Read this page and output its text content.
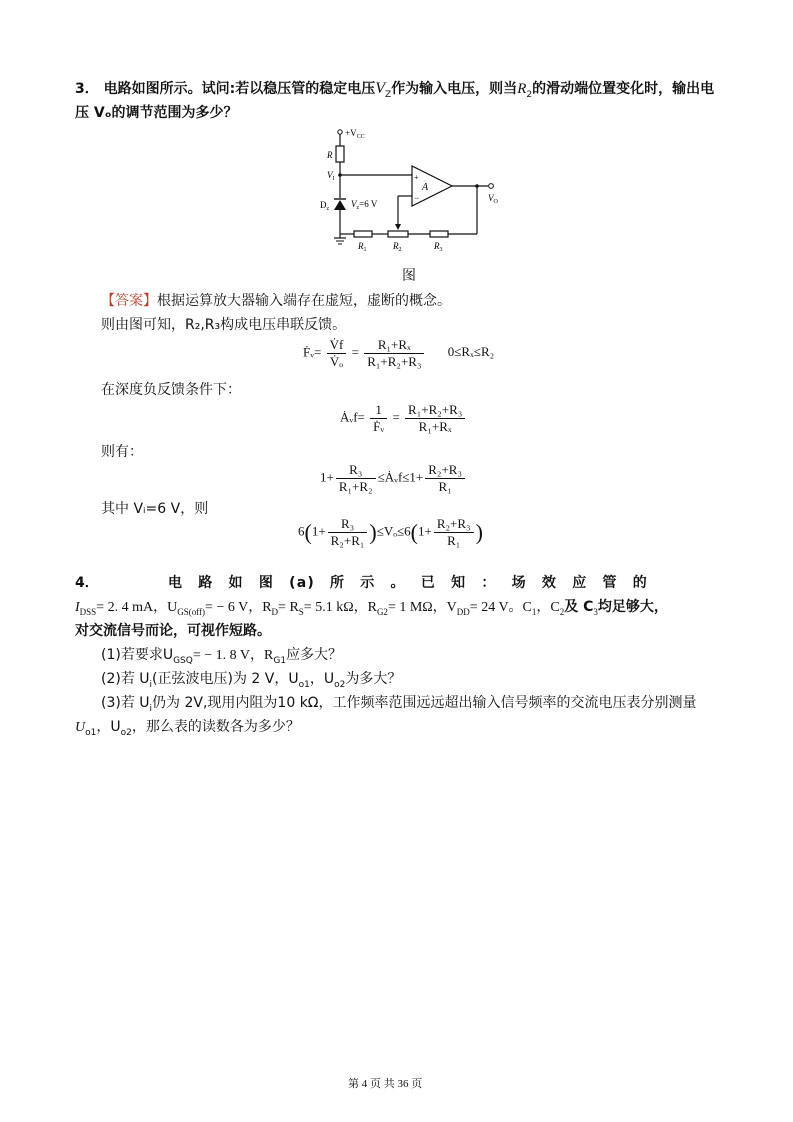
3． 电路如图所示。试问:若以稳压管的稳定电压$V_Z$作为输入电压，则当$R_2$的滑动端位置变化时，输出电
压 Vₒ的调节范围为多少？
$+V_{CC}$
R
$V_I$
$D_z$ $V_z=6$ V
A
+
−	$V_O$
$R_1$	$R_2$	$R_3$
图
【答案】根据运算放大器输入端存在虚短，虚断的概念。
则由图可知，R₂,R₃构成电压串联反馈。
Ḟᵥ= $\frac{V̇f}{\text{V̇ₒ}} = \frac{\text{R₁+Rₓ}}{\text{R₁+R₂+R₃}} 0\le R_x\le R_2$
在深度负反馈条件下：
Ȧᵥf= $\frac{1}{\text{Ḟᵥ}} = \frac{\text{R₁+R₂+R₃}}{\text{R₁+Rₓ}}$
则有：
$1+ \frac{\text{R₃}}{\text{R₁+R₂}}$ ≤Ȧᵥf≤1+ $\frac{\text{R₂+R₃}}{\text{R₁}}$
其中 Vᵢ=6 V，则
$6(1+ \frac{\text{R₃}}{\text{R₂+R₁}} )\le V_o\le 6(1+ \frac{\text{R₂+R₃}}{\text{R₁}}$ )
4．	电 路 如 图 (a) 所 示 。 已 知 ： 场 效 应 管 的
$I_{DSS}= 2$. 4 mA，$U_{GS(off)}= - 6$ V，$R_D= R_S= 5.1$ kΩ，$R_{G2}= 1$ MΩ，$V_{DD}= 24$ V。$C_1$，$C_2$及 $C_3$均足够大，
对交流信号而论，可视作短路。
(1)若要求$U_{GSQ}= - 1$. 8 V，$R_{G1}$应多大？
(2)若 $U_i$(正弦波电压)为 2 V，$U_{o1}$，$U_{o2}$为多大？
(3)若 $U_i$仍为 2V,现用内阻为10 kΩ，工作频率范围远远超出输入信号频率的交流电压表分别测量
$U_{o1}$，$U_{o2}$，那么表的读数各为多少？
第 4 页 共 36 页
